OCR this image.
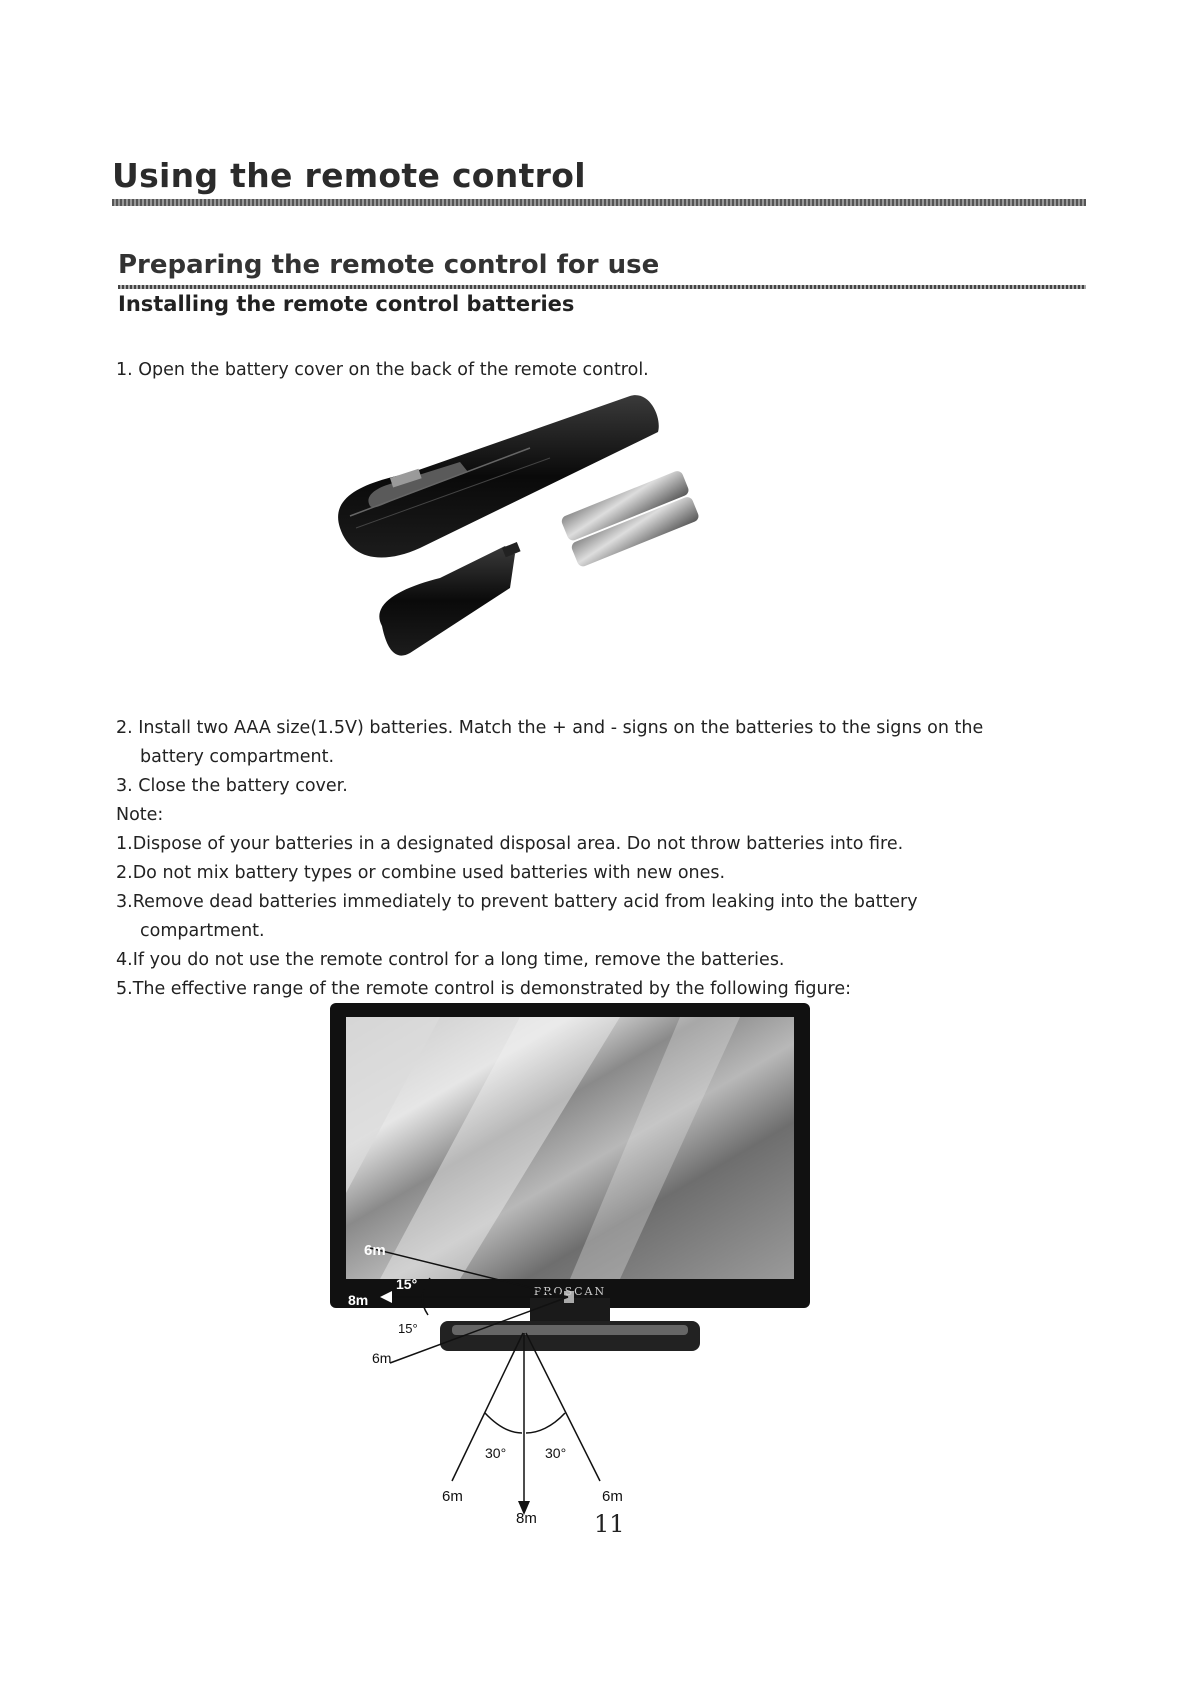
Using the remote control
Preparing the remote control for use
Installing the remote control batteries

1. Open the battery cover on the back of the remote control.

2. Install two AAA size(1.5V) batteries. Match the + and - signs on the batteries to the signs on the

battery compartment.

3. Close the battery cover.

Note:

1.Dispose of your batteries in a designated disposal area. Do not throw batteries into fire.

2.Do not mix battery types or combine used batteries with new ones.

3.Remove dead batteries immediately to prevent battery acid from leaking into the battery

compartment.

4.If you do not use the remote control for a long time, remove the batteries.

5.The effective range of the remote control is demonstrated by the following figure:

PROSCAN
6m
15°
8m
15°
6m
30°	30°
6m
8m
6m
11
